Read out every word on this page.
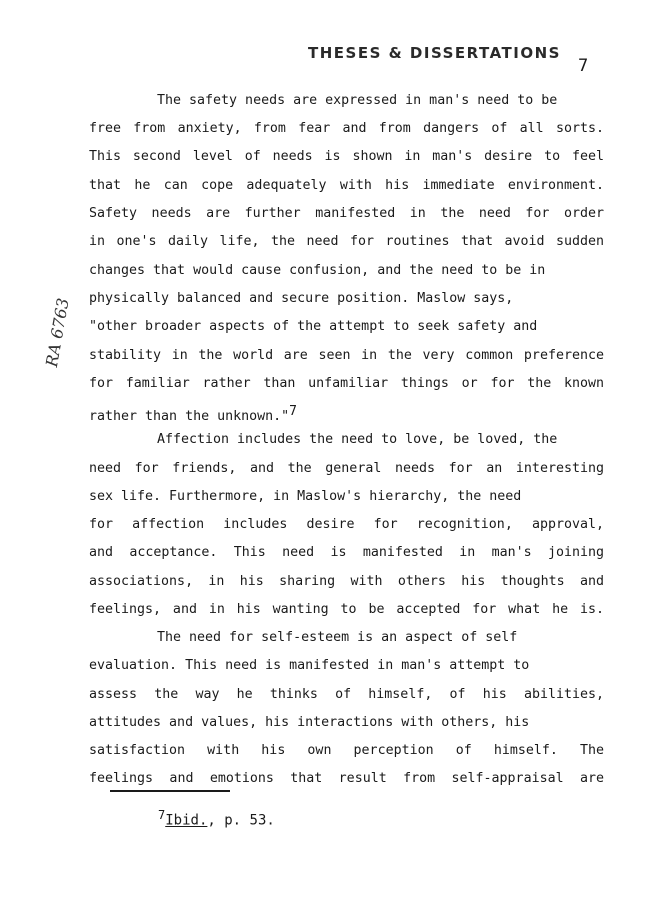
THESES & DISSERTATIONS
7
RA 6763
The safety needs are expressed in man's need to be
free from anxiety, from fear and from dangers of all sorts.
This second level of needs is shown in man's desire to feel
that he can cope adequately with his immediate environment.
Safety needs are further manifested in the need for order
in one's daily life, the need for routines that avoid sudden
changes that would cause confusion, and the need to be in
physically balanced and secure position. Maslow says,
"other broader aspects of the attempt to seek safety and
stability in the world are seen in the very common preference
for familiar rather than unfamiliar things or for the known
rather than the unknown."7
Affection includes the need to love, be loved, the
need for friends, and the general needs for an interesting
sex life. Furthermore, in Maslow's hierarchy, the need
for affection includes desire for recognition, approval,
and acceptance. This need is manifested in man's joining
associations, in his sharing with others his thoughts and
feelings, and in his wanting to be accepted for what he is.
The need for self-esteem is an aspect of self
evaluation. This need is manifested in man's attempt to
assess the way he thinks of himself, of his abilities,
attitudes and values, his interactions with others, his
satisfaction with his own perception of himself. The
feelings and emotions that result from self-appraisal are
$^7$Ibid., p. 53.
